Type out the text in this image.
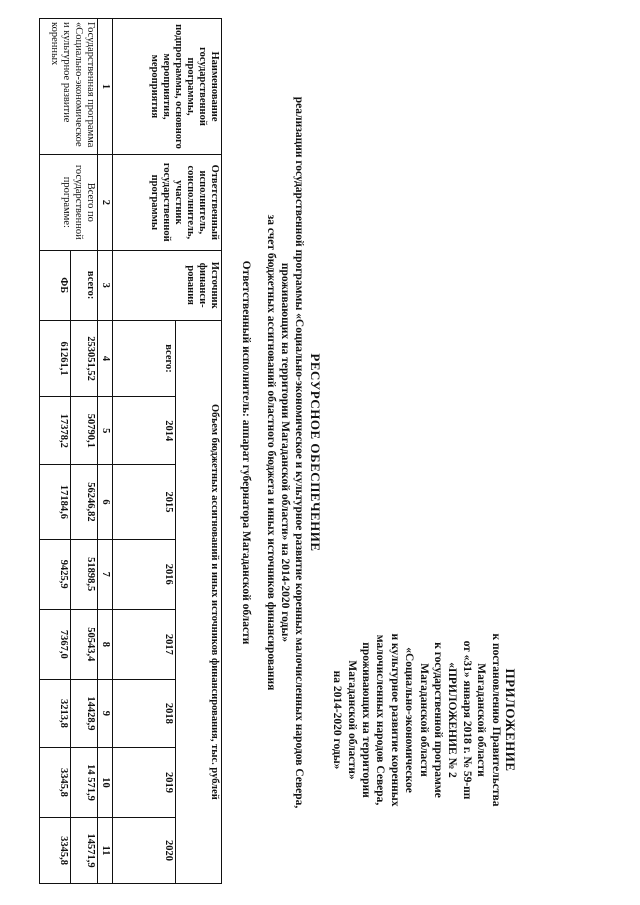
ПРИЛОЖЕНИЕ
к постановлению Правительства
Магаданской области
от «31» января 2018 г. № 59-пп
«ПРИЛОЖЕНИЕ № 2
к государственной программе
Магаданской области
«Социально-экономическое
и культурное развитие коренных
малочисленных народов Севера,
проживающих на территории
Магаданской области»
на 2014-2020 годы»
РЕСУРСНОЕ ОБЕСПЕЧЕНИЕ
реализации государственной программы «Социально-экономическое и культурное развитие коренных малочисленных народов Севера,
проживающих на территории Магаданской области» на 2014-2020 годы»
за счет бюджетных ассигнований областного бюджета и иных источников финансирования
Ответственный исполнитель: аппарат губернатора Магаданской области
Наименование государственной программы, подпрограммы, основного мероприятия, мероприятия	Ответственный исполнитель, соисполнитель, участник государственной программы	Источник финанси-рования	Объем бюджетных ассигнований и иных источников финансирования, тыс. рублей							
			всего:	2014	2015	2016	2017	2018	2019	2020
1	2	3	4	5	6	7	8	9	10	11
Государственная программа «Социально-экономическое и культурное развитие коренных	Всего по государственной программе:	всего:	253051,52	50790,1	56246,82	51898,5	50543,4	14428,9	14 571,9	14571,9
		ФБ	61261,1	17378,2	17184,6	9425,9	7367,0	3213,8	3345,8	3345,8
